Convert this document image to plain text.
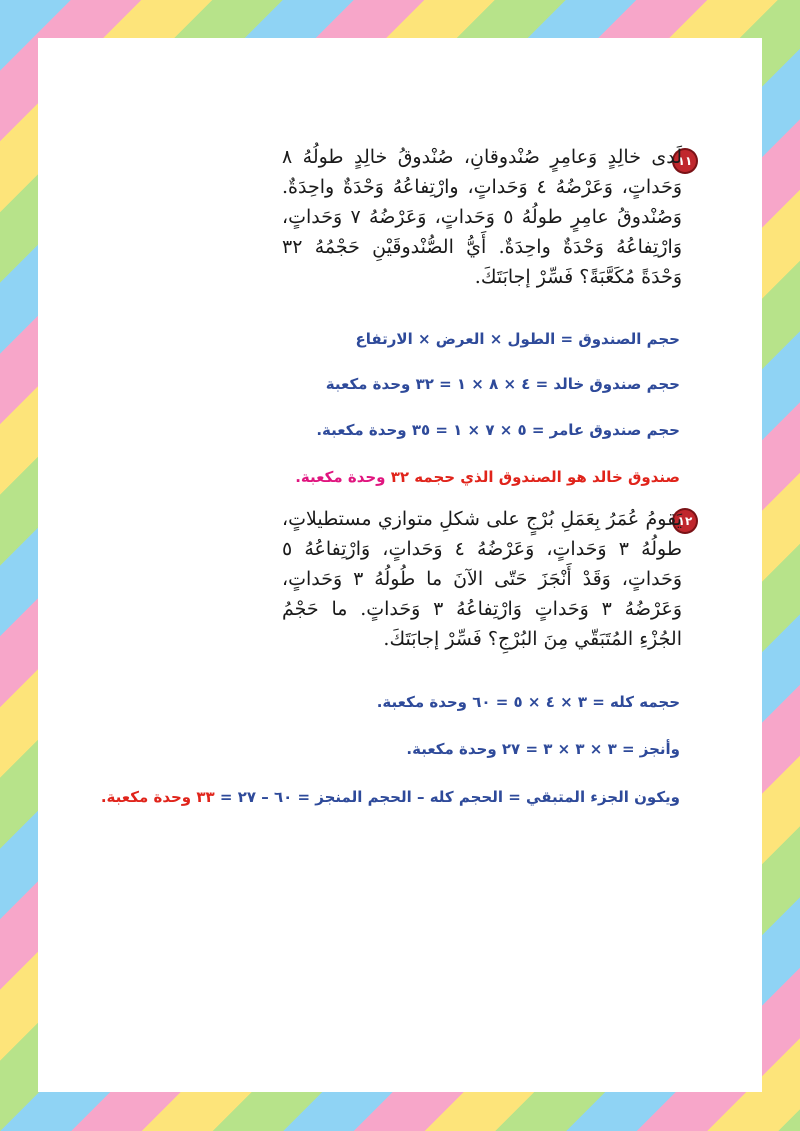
١١

لَدى خالِدٍ وَعامِرٍ صُنْدوقانِ، صُنْدوقُ خالِدٍ طولُهُ ٨ وَحَداتٍ، وَعَرْضُهُ ٤ وَحَداتٍ، وارْتِفاعُهُ وَحْدَةٌ واحِدَةٌ. وَصُنْدوقُ عامِرٍ طولُهُ ٥ وَحَداتٍ، وَعَرْضُهُ ٧ وَحَداتٍ، وَارْتِفاعُهُ وَحْدَةٌ واحِدَةٌ. أَيُّ الصُّنْدوقَيْنِ حَجْمُهُ ٣٢ وَحْدَةً مُكَعَّبَةً؟ فَسِّرْ إجابَتَكَ.

حجم الصندوق = الطول × العرض × الارتفاع

حجم صندوق خالد = ٤ × ٨ × ١ = ٣٢ وحدة مكعبة

حجم صندوق عامر = ٥ × ٧ × ١ = ٣٥ وحدة مكعبة.

صندوق خالد هو الصندوق الذي حجمه ٣٢ وحدة مكعبة.

١٢

يَقومُ عُمَرُ بِعَمَلِ بُرْجٍ على شكلِ متوازي مستطيلاتٍ، طولُهُ ٣ وَحَداتٍ، وَعَرْضُهُ ٤ وَحَداتٍ، وَارْتِفاعُهُ ٥ وَحَداتٍ، وَقَدْ أَنْجَزَ حَتّى الآنَ ما طُولُهُ ٣ وَحَداتٍ، وَعَرْضُهُ ٣ وَحَداتٍ وَارْتِفاعُهُ ٣ وَحَداتٍ. ما حَجْمُ الجُزْءِ المُتَبَقّي مِنَ البُرْجِ؟ فَسِّرْ إجابَتَكَ.

حجمه كله = ٣ × ٤ × ٥ = ٦٠ وحدة مكعبة.

وأنجز = ٣ × ٣ × ٣ = ٢٧ وحدة مكعبة.

ويكون الجزء المتبقي = الحجم كله – الحجم المنجز = ٦٠ – ٢٧ = ٣٣ وحدة مكعبة.
